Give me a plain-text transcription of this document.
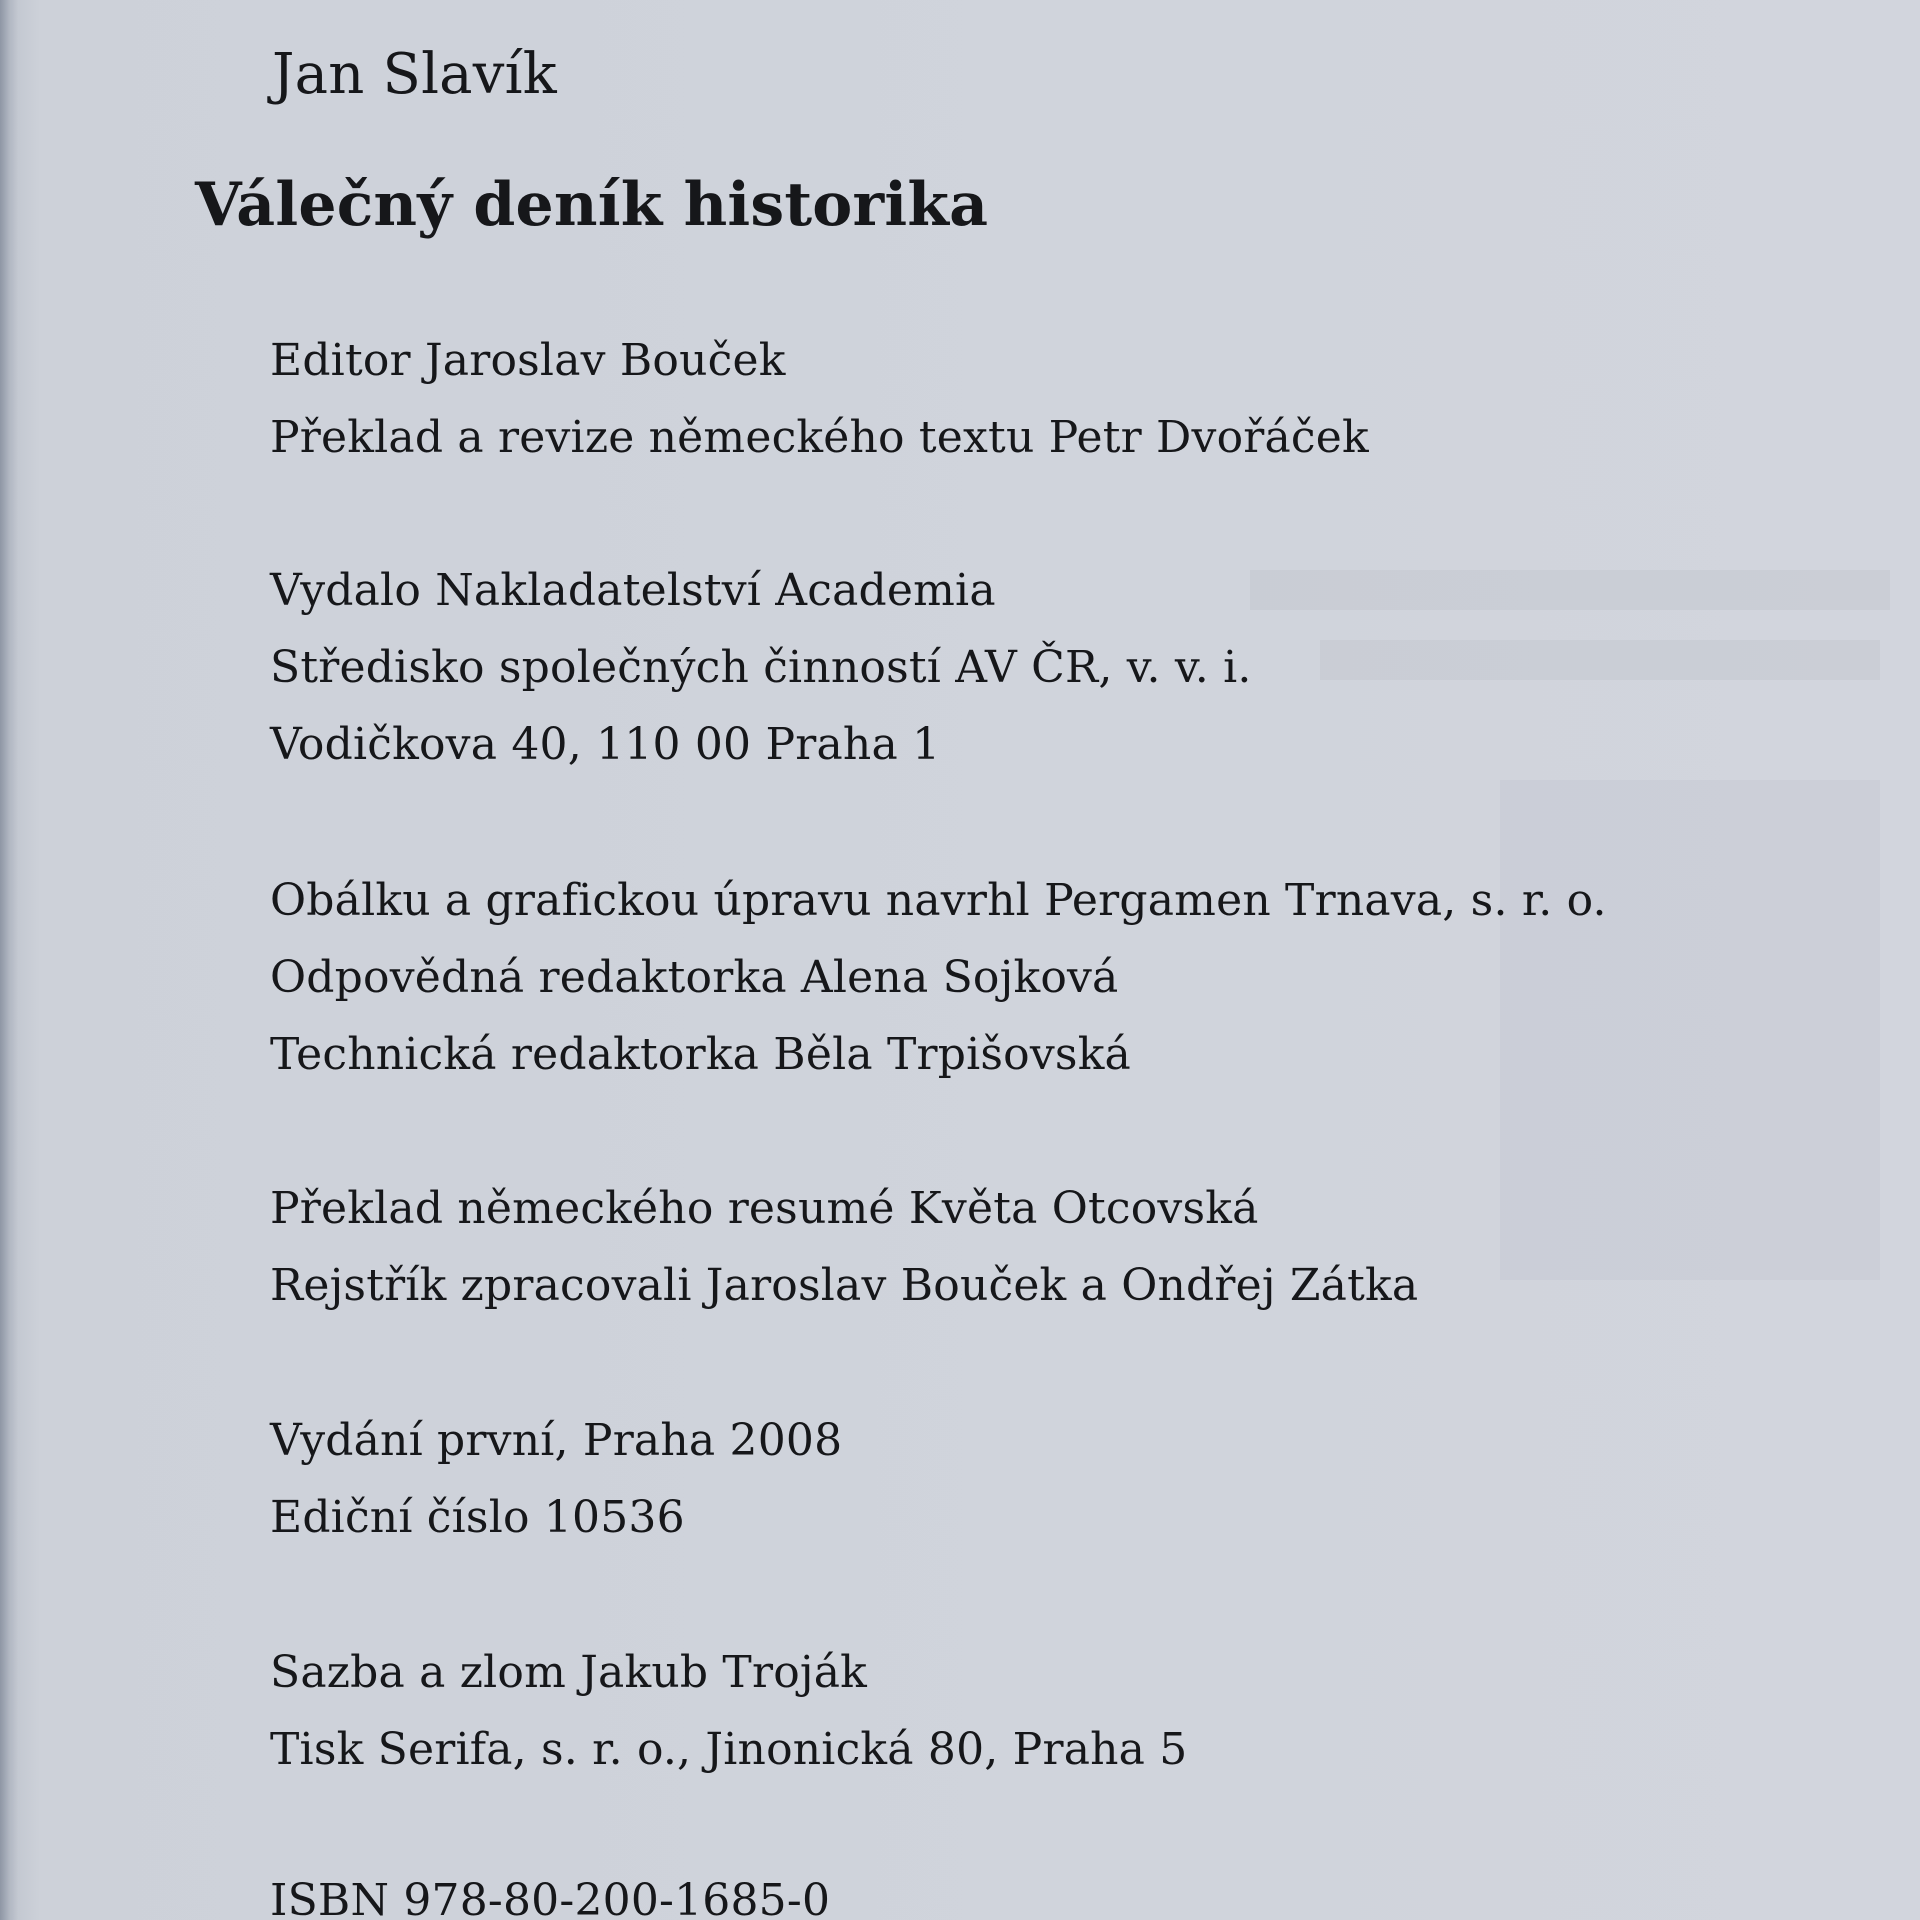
Jan Slavík
Válečný deník historika
Editor Jaroslav Bouček
Překlad a revize německého textu Petr Dvořáček
Vydalo Nakladatelství Academia
Středisko společných činností AV ČR, v. v. i.
Vodičkova 40, 110 00 Praha 1
Obálku a grafickou úpravu navrhl Pergamen Trnava, s. r. o.
Odpovědná redaktorka Alena Sojková
Technická redaktorka Běla Trpišovská
Překlad německého resumé Květa Otcovská
Rejstřík zpracovali Jaroslav Bouček a Ondřej Zátka
Vydání první, Praha 2008
Ediční číslo 10536
Sazba a zlom Jakub Troják
Tisk Serifa, s. r. o., Jinonická 80, Praha 5
ISBN 978-80-200-1685-0
